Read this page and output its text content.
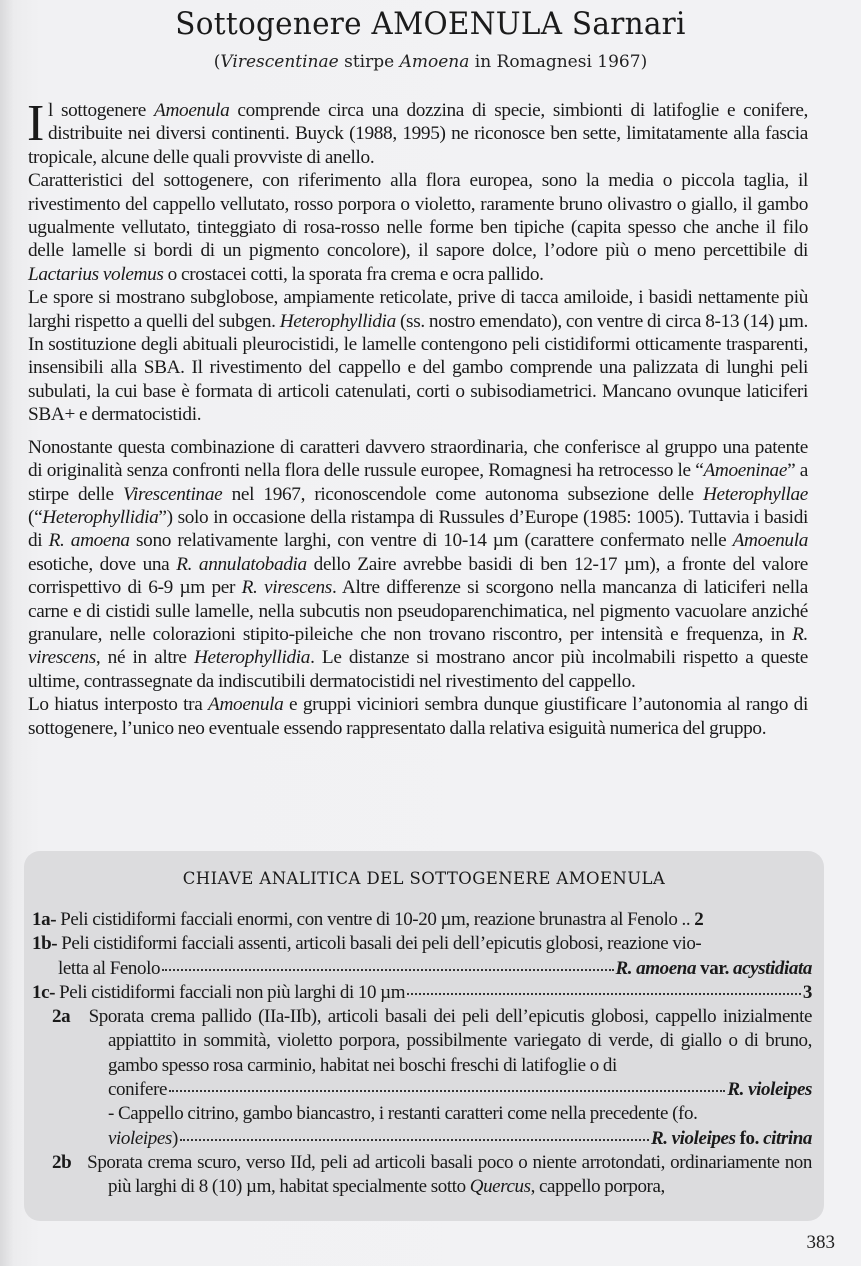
Sottogenere AMOENULA Sarnari
(Virescentinae stirpe Amoena in Romagnesi 1967)

Il sottogenere Amoenula comprende circa una dozzina di specie, simbionti di latifoglie e conifere, distribuite nei diversi continenti. Buyck (1988, 1995) ne riconosce ben sette, limitatamente alla fascia tropicale, alcune delle quali provviste di anello.

Caratteristici del sottogenere, con riferimento alla flora europea, sono la media o piccola taglia, il rivestimento del cappello vellutato, rosso porpora o violetto, raramente bruno olivastro o giallo, il gambo ugualmente vellutato, tinteggiato di rosa-rosso nelle forme ben tipiche (capita spesso che anche il filo delle lamelle si bordi di un pigmento concolore), il sapore dolce, l’odore più o meno percettibile di Lactarius volemus o crostacei cotti, la sporata fra crema e ocra pallido.

Le spore si mostrano subglobose, ampiamente reticolate, prive di tacca amiloide, i basidi nettamente più larghi rispetto a quelli del subgen. Heterophyllidia (ss. nostro emendato), con ventre di circa 8-13 (14) µm. In sostituzione degli abituali pleurocistidi, le lamelle contengono peli cistidiformi otticamente trasparenti, insensibili alla SBA. Il rivestimento del cappello e del gambo comprende una palizzata di lunghi peli subulati, la cui base è formata di articoli catenulati, corti o subisodiametrici. Mancano ovunque laticiferi SBA+ e dermatocistidi.

Nonostante questa combinazione di caratteri davvero straordinaria, che conferisce al gruppo una patente di originalità senza confronti nella flora delle russule europee, Romagnesi ha retrocesso le “Amoeninae” a stirpe delle Virescentinae nel 1967, riconoscendole come autonoma subsezione delle Heterophyllae (“Heterophyllidia”) solo in occasione della ristampa di Russules d’Europe (1985: 1005). Tuttavia i basidi di R. amoena sono relativamente larghi, con ventre di 10-14 µm (carattere confermato nelle Amoenula esotiche, dove una R. annulatobadia dello Zaire avrebbe basidi di ben 12-17 µm), a fronte del valore corrispettivo di 6-9 µm per R. virescens. Altre differenze si scorgono nella mancanza di laticiferi nella carne e di cistidi sulle lamelle, nella subcutis non pseudoparenchimatica, nel pigmento vacuolare anziché granulare, nelle colorazioni stipito-pileiche che non trovano riscontro, per intensità e frequenza, in R. virescens, né in altre Heterophyllidia. Le distanze si mostrano ancor più incolmabili rispetto a queste ultime, contrassegnate da indiscutibili dermatocistidi nel rivestimento del cappello.

Lo hiatus interposto tra Amoenula e gruppi viciniori sembra dunque giustificare l’autonomia al rango di sottogenere, l’unico neo eventuale essendo rappresentato dalla relativa esiguità numerica del gruppo.

CHIAVE ANALITICA DEL SOTTOGENERE AMOENULA
1a- Peli cistidiformi facciali enormi, con ventre di 10-20 µm, reazione brunastra al Fenolo .. 2
1b- Peli cistidiformi facciali assenti, articoli basali dei peli dell’epicutis globosi, reazione vio-
letta al Fenolo	R. amoena var. acystidiata
1c- Peli cistidiformi facciali non più larghi di 10 µm	3
2a Sporata crema pallido (IIa-IIb), articoli basali dei peli dell’epicutis globosi, cappello inizialmente appiattito in sommità, violetto porpora, possibilmente variegato di verde, di giallo o di bruno, gambo spesso rosa carminio, habitat nei boschi freschi di latifoglie o di
conifere	R. violeipes
- Cappello citrino, gambo biancastro, i restanti caratteri come nella precedente (fo.
violeipes)	R. violeipes fo. citrina
2b Sporata crema scuro, verso IId, peli ad articoli basali poco o niente arrotondati, ordinariamente non più larghi di 8 (10) µm, habitat specialmente sotto Quercus, cappello porpora,
383
